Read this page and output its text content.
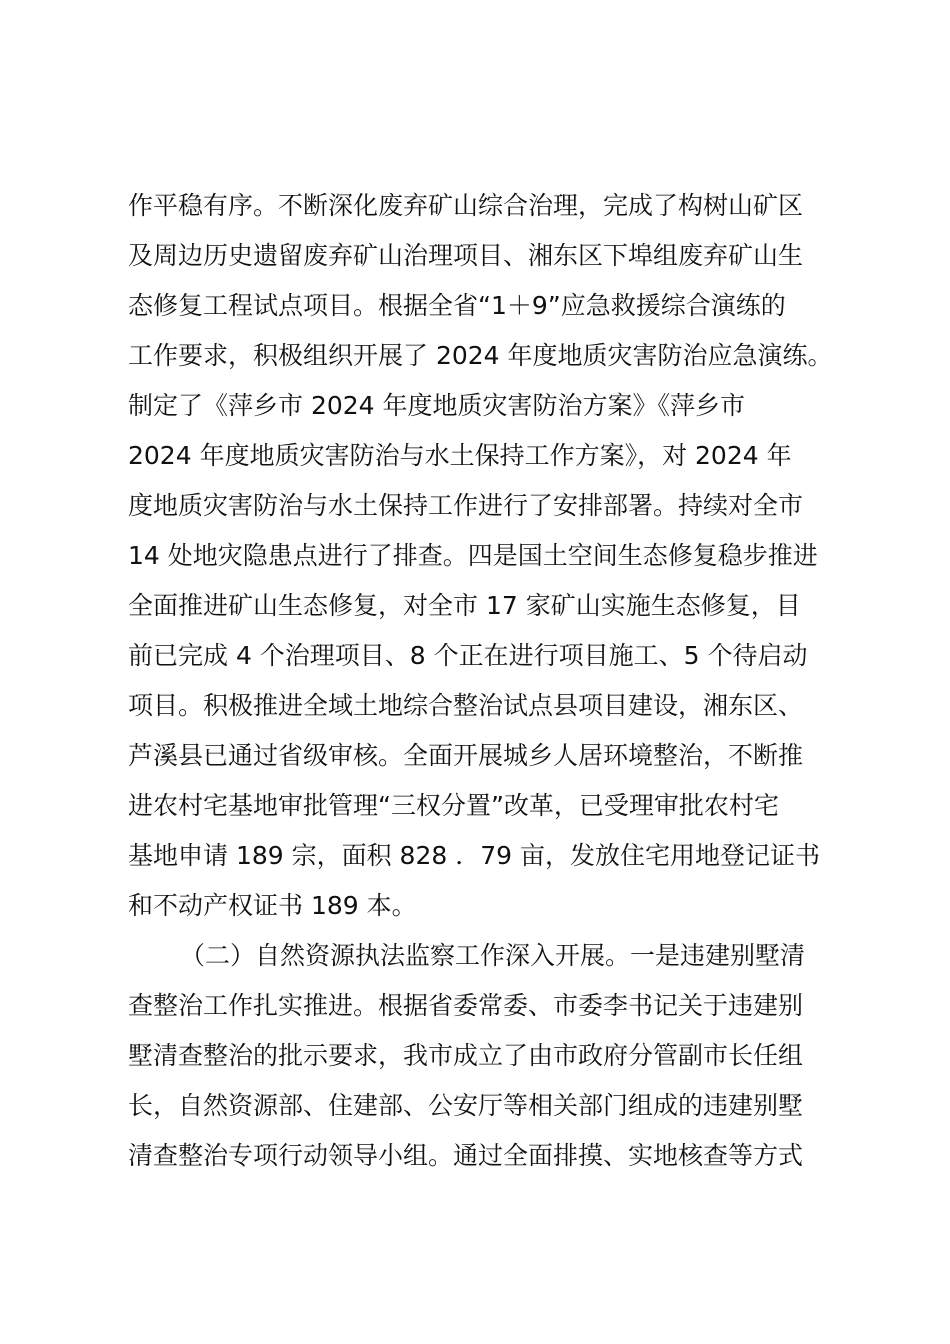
作平稳有序。不断深化废弃矿山综合治理，完成了构树山矿区
及周边历史遗留废弃矿山治理项目、湘东区下埠组废弃矿山生
态修复工程试点项目。根据全省“1＋9”应急救援综合演练的
工作要求，积极组织开展了 2024 年度地质灾害防治应急演练。
制定了《萍乡市 2024 年度地质灾害防治方案》《萍乡市
2024 年度地质灾害防治与水土保持工作方案》，对 2024 年
度地质灾害防治与水土保持工作进行了安排部署。持续对全市
14 处地灾隐患点进行了排查。四是国土空间生态修复稳步推进
全面推进矿山生态修复，对全市 17 家矿山实施生态修复，目
前已完成 4 个治理项目、8 个正在进行项目施工、5 个待启动
项目。积极推进全域土地综合整治试点县项目建设，湘东区、
芦溪县已通过省级审核。全面开展城乡人居环境整治，不断推
进农村宅基地审批管理“三权分置”改革，已受理审批农村宅
基地申请 189 宗，面积 828 ．79 亩，发放住宅用地登记证书
和不动产权证书 189 本。
（二）自然资源执法监察工作深入开展。一是违建别墅清
查整治工作扎实推进。根据省委常委、市委李书记关于违建别
墅清查整治的批示要求，我市成立了由市政府分管副市长任组
长，自然资源部、住建部、公安厅等相关部门组成的违建别墅
清查整治专项行动领导小组。通过全面排摸、实地核查等方式
